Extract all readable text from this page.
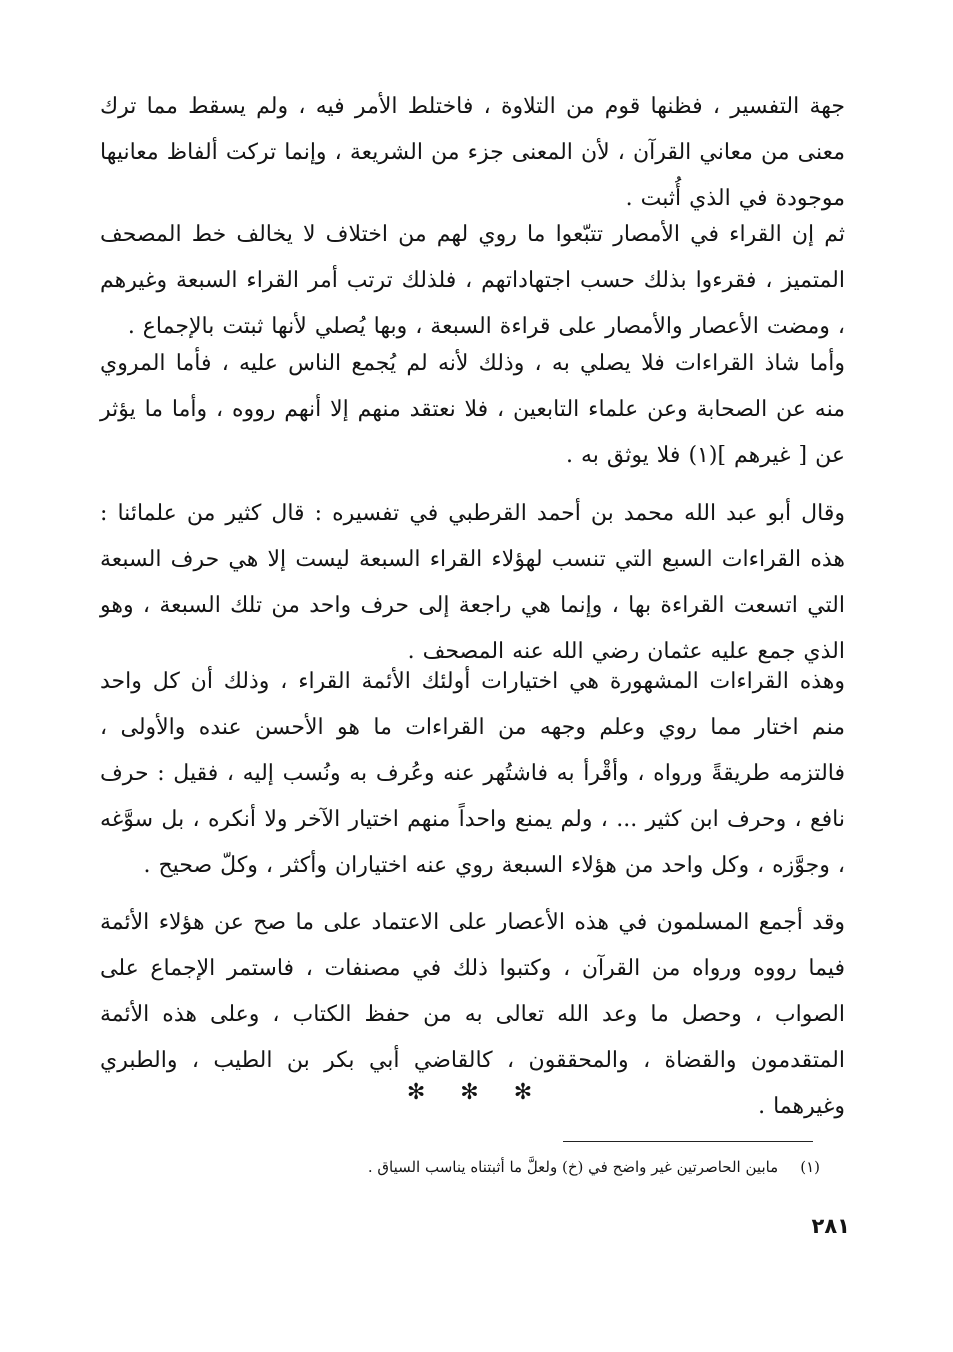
جهة التفسير ، فظنها قوم من التلاوة ، فاختلط الأمر فيه ، ولم يسقط مما ترك معنى من معاني القرآن ، لأن المعنى جزء من الشريعة ، وإنما تركت ألفاظ معانيها موجودة في الذي أُثبت .

ثم إن القراء في الأمصار تتبّعوا ما روي لهم من اختلاف لا يخالف خط المصحف المتميز ، فقرءوا بذلك حسب اجتهاداتهم ، فلذلك ترتب أمر القراء السبعة وغيرهم ، ومضت الأعصار والأمصار على قراءة السبعة ، وبها يُصلي لأنها ثبتت بالإجماع .

وأما شاذ القراءات فلا يصلي به ، وذلك لأنه لم يُجمع الناس عليه ، فأما المروي منه عن الصحابة وعن علماء التابعين ، فلا نعتقد منهم إلا أنهم رووه ، وأما ما يؤثر عن [ غيرهم ](١) فلا يوثق به .

وقال أبو عبد الله محمد بن أحمد القرطبي في تفسيره : قال كثير من علمائنا : هذه القراءات السبع التي تنسب لهؤلاء القراء السبعة ليست إلا هي حرف السبعة التي اتسعت القراءة بها ، وإنما هي راجعة إلى حرف واحد من تلك السبعة ، وهو الذي جمع عليه عثمان رضي الله عنه المصحف .

وهذه القراءات المشهورة هي اختيارات أولئك الأئمة القراء ، وذلك أن كل واحد منم اختار مما روي وعلم وجهه من القراءات ما هو الأحسن عنده والأولى ، فالتزمه طريقةً ورواه ، وأقْرأ به فاشتُهر عنه وعُرف به ونُسب إليه ، فقيل : حرف نافع ، وحرف ابن كثير ... ، ولم يمنع واحداً منهم اختيار الآخر ولا أنكره ، بل سوَّغه ، وجوَّزه ، وكل واحد من هؤلاء السبعة روي عنه اختياران وأكثر ، وكلّ صحيح .

وقد أجمع المسلمون في هذه الأعصار على الاعتماد على ما صح عن هؤلاء الأئمة فيما رووه ورواه من القرآن ، وكتبوا ذلك في مصنفات ، فاستمر الإجماع على الصواب ، وحصل ما وعد الله تعالى به من حفظ الكتاب ، وعلى هذه الأئمة المتقدمون والقضاة ، والمحققون ، كالقاضي أبي بكر بن الطيب ، والطبري وغيرهما .

✻ ✻ ✻
(١)مابين الحاصرتين غير واضح في (خ) ولعلَّ ما أثبتناه يناسب السياق .
٢٨١
